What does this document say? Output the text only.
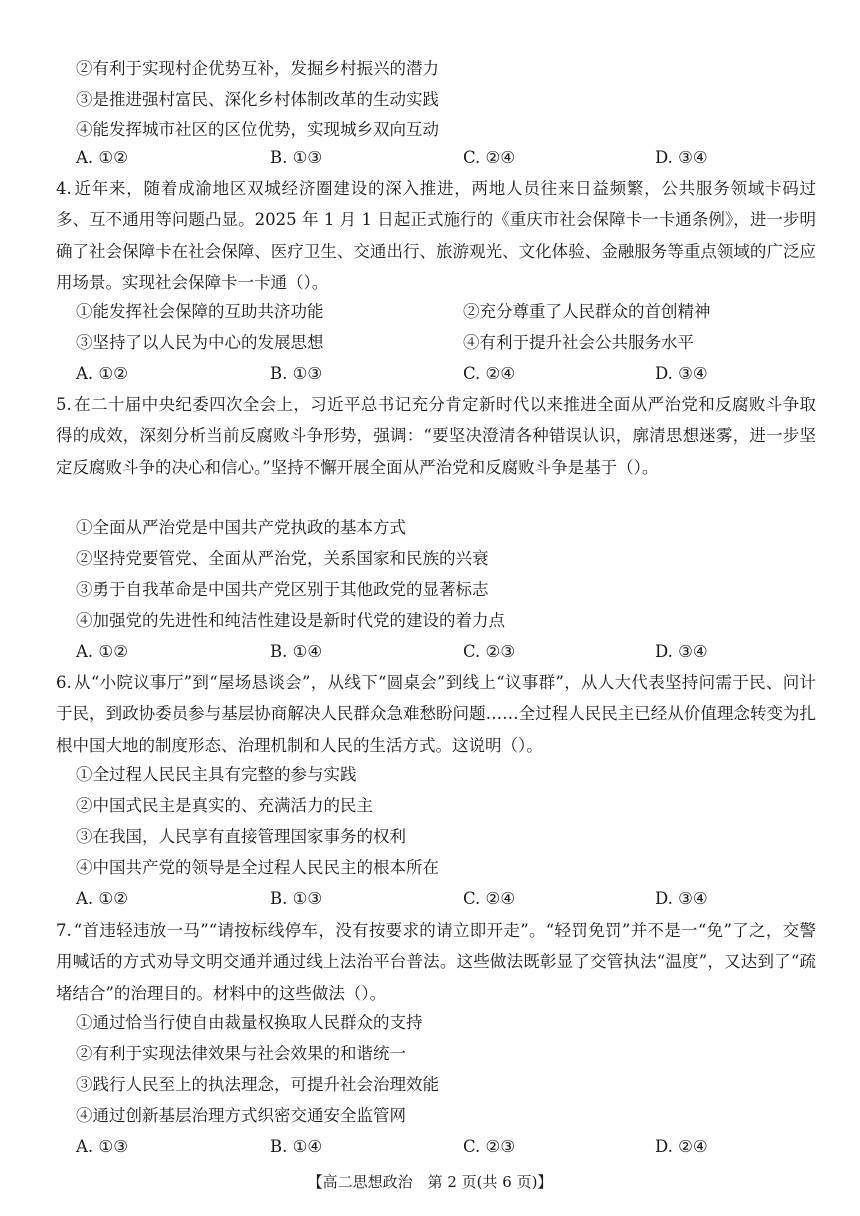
②有利于实现村企优势互补，发掘乡村振兴的潜力
③是推进强村富民、深化乡村体制改革的生动实践
④能发挥城市社区的区位优势，实现城乡双向互动
A. ①②	B. ①③	C. ②④	D. ③④
4. 近年来，随着成渝地区双城经济圈建设的深入推进，两地人员往来日益频繁，公共服务领域卡码过多、互不通用等问题凸显。2025 年 1 月 1 日起正式施行的《重庆市社会保障卡一卡通条例》，进一步明确了社会保障卡在社会保障、医疗卫生、交通出行、旅游观光、文化体验、金融服务等重点领域的广泛应用场景。实现社会保障卡一卡通（）。
①能发挥社会保障的互助共济功能	②充分尊重了人民群众的首创精神
③坚持了以人民为中心的发展思想	④有利于提升社会公共服务水平
A. ①②	B. ①③	C. ②④	D. ③④
5. 在二十届中央纪委四次全会上，习近平总书记充分肯定新时代以来推进全面从严治党和反腐败斗争取得的成效，深刻分析当前反腐败斗争形势，强调：“要坚决澄清各种错误认识，廓清思想迷雾，进一步坚定反腐败斗争的决心和信心。”坚持不懈开展全面从严治党和反腐败斗争是基于（）。
①全面从严治党是中国共产党执政的基本方式
②坚持党要管党、全面从严治党，关系国家和民族的兴衰
③勇于自我革命是中国共产党区别于其他政党的显著标志
④加强党的先进性和纯洁性建设是新时代党的建设的着力点
A. ①②	B. ①④	C. ②③	D. ③④
6. 从“小院议事厅”到“屋场恳谈会”，从线下“圆桌会”到线上“议事群”，从人大代表坚持问需于民、问计于民，到政协委员参与基层协商解决人民群众急难愁盼问题……全过程人民民主已经从价值理念转变为扎根中国大地的制度形态、治理机制和人民的生活方式。这说明（）。
①全过程人民民主具有完整的参与实践
②中国式民主是真实的、充满活力的民主
③在我国，人民享有直接管理国家事务的权利
④中国共产党的领导是全过程人民民主的根本所在
A. ①②	B. ①③	C. ②④	D. ③④
7. “首违轻违放一马”“请按标线停车，没有按要求的请立即开走”。“轻罚免罚”并不是一“免”了之，交警用喊话的方式劝导文明交通并通过线上法治平台普法。这些做法既彰显了交管执法“温度”，又达到了“疏堵结合”的治理目的。材料中的这些做法（）。
①通过恰当行使自由裁量权换取人民群众的支持
②有利于实现法律效果与社会效果的和谐统一
③践行人民至上的执法理念，可提升社会治理效能
④通过创新基层治理方式织密交通安全监管网
A. ①③	B. ①④	C. ②③	D. ②④
【高二思想政治　第 2 页(共 6 页)】
